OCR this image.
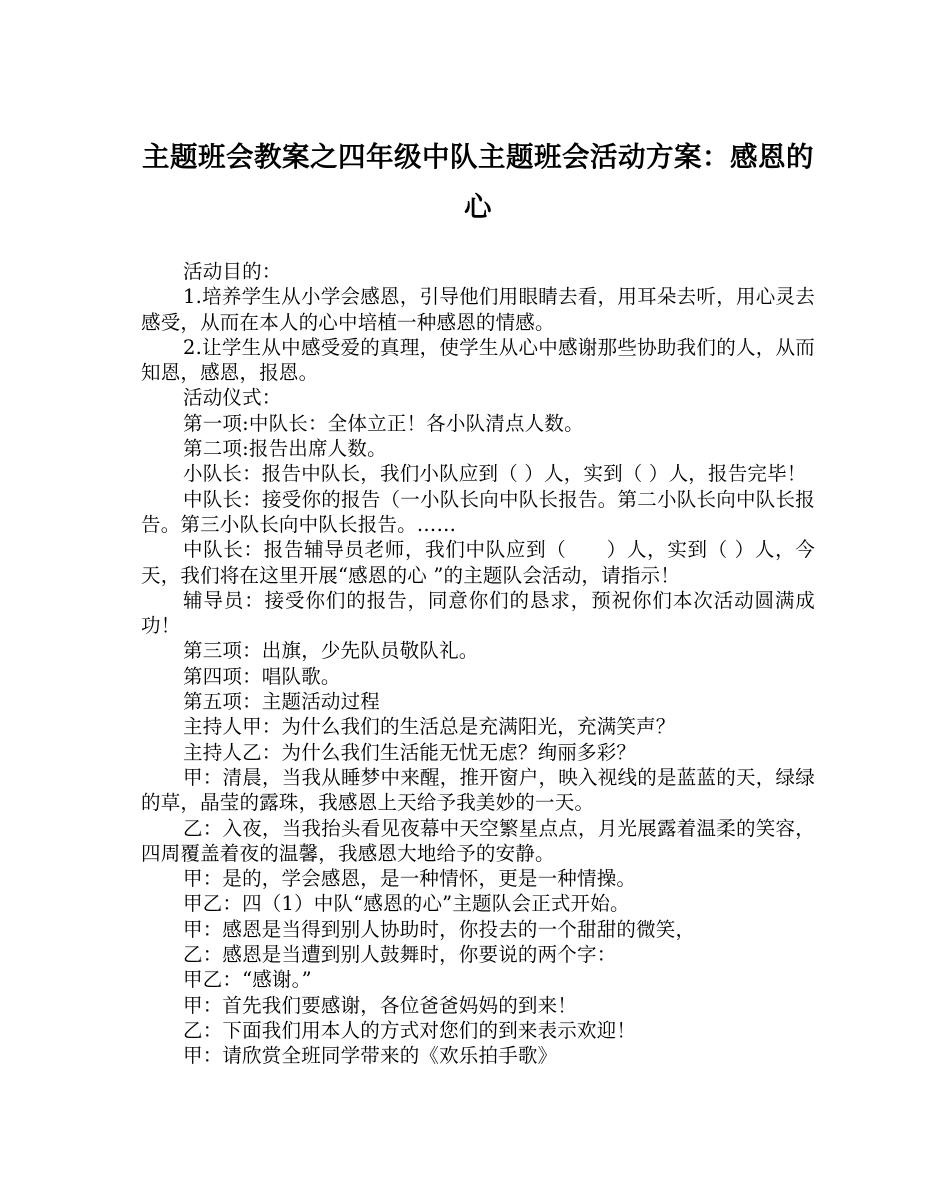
主题班会教案之四年级中队主题班会活动方案：感恩的心

活动目的：

1.培养学生从小学会感恩，引导他们用眼睛去看，用耳朵去听，用心灵去感受，从而在本人的心中培植一种感恩的情感。

2.让学生从中感受爱的真理，使学生从心中感谢那些协助我们的人，从而知恩，感恩，报恩。

活动仪式：

第一项:中队长：全体立正！各小队清点人数。

第二项:报告出席人数。

小队长：报告中队长，我们小队应到（ ）人，实到（ ）人，报告完毕！

中队长：接受你的报告（一小队长向中队长报告。第二小队长向中队长报告。第三小队长向中队长报告。……

中队长：报告辅导员老师，我们中队应到（　　）人，实到（ ）人，今天，我们将在这里开展“感恩的心 ”的主题队会活动，请指示！

辅导员：接受你们的报告，同意你们的恳求，预祝你们本次活动圆满成功！

第三项：出旗，少先队员敬队礼。

第四项：唱队歌。

第五项：主题活动过程

主持人甲：为什么我们的生活总是充满阳光，充满笑声？

主持人乙：为什么我们生活能无忧无虑？绚丽多彩？

甲：清晨，当我从睡梦中来醒，推开窗户，映入视线的是蓝蓝的天，绿绿的草，晶莹的露珠，我感恩上天给予我美妙的一天。

乙：入夜，当我抬头看见夜幕中天空繁星点点，月光展露着温柔的笑容，四周覆盖着夜的温馨，我感恩大地给予的安静。

甲：是的，学会感恩，是一种情怀，更是一种情操。

甲乙：四（1）中队“感恩的心”主题队会正式开始。

甲：感恩是当得到别人协助时，你投去的一个甜甜的微笑，

乙：感恩是当遭到别人鼓舞时，你要说的两个字：

甲乙：“感谢。”

甲：首先我们要感谢，各位爸爸妈妈的到来！

乙：下面我们用本人的方式对您们的到来表示欢迎！

甲：请欣赏全班同学带来的《欢乐拍手歌》
